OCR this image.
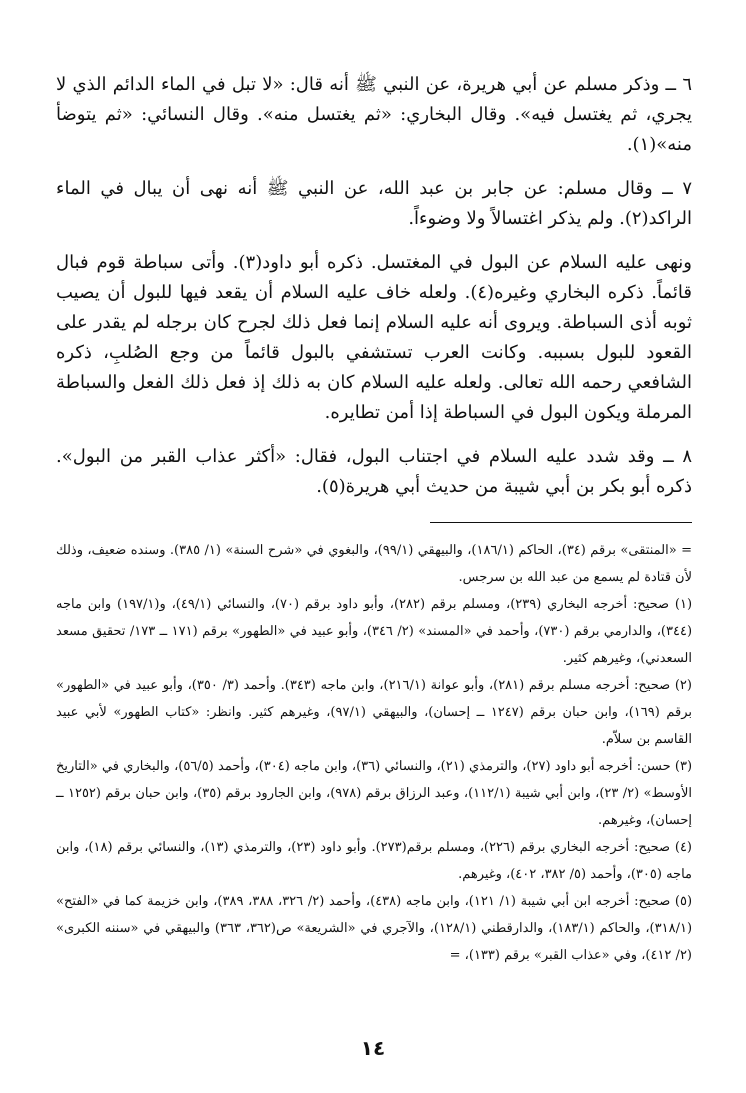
٦ ــ وذكر مسلم عن أبي هريرة، عن النبي ﷺ أنه قال: «لا تبل في الماء الدائم الذي لا يجري، ثم يغتسل فيه». وقال البخاري: «ثم يغتسل منه». وقال النسائي: «ثم يتوضأ منه»(١).

٧ ــ وقال مسلم: عن جابر بن عبد الله، عن النبي ﷺ أنه نهى أن يبال في الماء الراكد(٢). ولم يذكر اغتسالاً ولا وضوءاً.

ونهى عليه السلام عن البول في المغتسل. ذكره أبو داود(٣). وأتى سباطة قوم فبال قائماً. ذكره البخاري وغيره(٤). ولعله خاف عليه السلام أن يقعد فيها للبول أن يصيب ثوبه أذى السباطة. ويروى أنه عليه السلام إنما فعل ذلك لجرح كان برجله لم يقدر على القعود للبول بسببه. وكانت العرب تستشفي بالبول قائماً من وجع الصُلبِ، ذكره الشافعي رحمه الله تعالى. ولعله عليه السلام كان به ذلك إذ فعل ذلك الفعل والسباطة المرملة ويكون البول في السباطة إذا أمن تطايره.

٨ ــ وقد شدد عليه السلام في اجتناب البول، فقال: «أكثر عذاب القبر من البول». ذكره أبو بكر بن أبي شيبة من حديث أبي هريرة(٥).

= «المنتقى» برقم (٣٤)، الحاكم (١٨٦/١)، والبيهقي (٩٩/١)، والبغوي في «شرح السنة» (١/ ٣٨٥). وسنده ضعيف، وذلك لأن قتادة لم يسمع من عبد الله بن سرجس.

(١) صحيح: أخرجه البخاري (٢٣٩)، ومسلم برقم (٢٨٢)، وأبو داود برقم (٧٠)، والنسائي (٤٩/١)، و(١٩٧/١) وابن ماجه (٣٤٤)، والدارمي برقم (٧٣٠)، وأحمد في «المسند» (٢/ ٣٤٦)، وأبو عبيد في «الطهور» برقم (١٧١ ــ ١٧٣/ تحقيق مسعد السعدني)، وغيرهم كثير.

(٢) صحيح: أخرجه مسلم برقم (٢٨١)، وأبو عوانة (٢١٦/١)، وابن ماجه (٣٤٣). وأحمد (٣/ ٣٥٠)، وأبو عبيد في «الطهور» برقم (١٦٩)، وابن حبان برقم (١٢٤٧ ــ إحسان)، والبيهقي (٩٧/١)، وغيرهم كثير. وانظر: «كتاب الطهور» لأبي عبيد القاسم بن سلاّم.

(٣) حسن: أخرجه أبو داود (٢٧)، والترمذي (٢١)، والنسائي (٣٦)، وابن ماجه (٣٠٤)، وأحمد (٥٦/٥)، والبخاري في «التاريخ الأوسط» (٢/ ٢٣)، وابن أبي شيبة (١١٢/١)، وعبد الرزاق برقم (٩٧٨)، وابن الجارود برقم (٣٥)، وابن حبان برقم (١٢٥٢ ــ إحسان)، وغيرهم.

(٤) صحيح: أخرجه البخاري برقم (٢٢٦)، ومسلم برقم(٢٧٣). وأبو داود (٢٣)، والترمذي (١٣)، والنسائي برقم (١٨)، وابن ماجه (٣٠٥)، وأحمد (٥/ ٣٨٢، ٤٠٢)، وغيرهم.

(٥) صحيح: أخرجه ابن أبي شيبة (١/ ١٢١)، وابن ماجه (٤٣٨)، وأحمد (٢/ ٣٢٦، ٣٨٨، ٣٨٩)، وابن خزيمة كما في «الفتح» (٣١٨/١)، والحاكم (١٨٣/١)، والدارقطني (١٢٨/١)، والآجري في «الشريعة» ص(٣٦٢، ٣٦٣) والبيهقي في «سننه الكبرى» (٢/ ٤١٢)، وفي «عذاب القبر» برقم (١٣٣)، =

١٤
